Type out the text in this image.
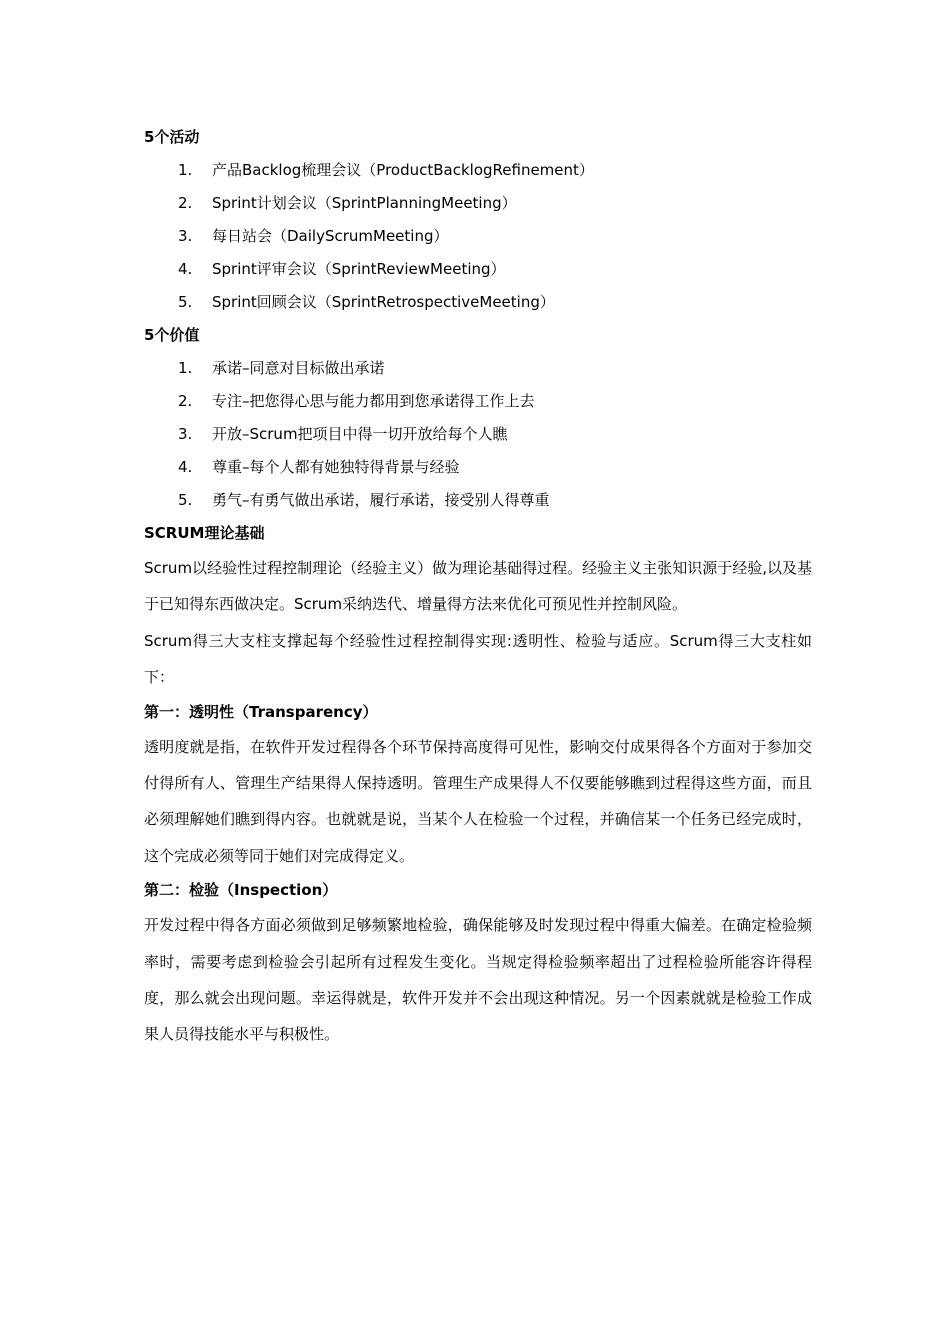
5个活动
1.	产品Backlog梳理会议（ProductBacklogRefinement）
2.	Sprint计划会议（SprintPlanningMeeting）
3.	每日站会（DailyScrumMeeting）
4.	Sprint评审会议（SprintReviewMeeting）
5.	Sprint回顾会议（SprintRetrospectiveMeeting）
5个价值
1.	承诺–同意对目标做出承诺
2.	专注–把您得心思与能力都用到您承诺得工作上去
3.	开放–Scrum把项目中得一切开放给每个人瞧
4.	尊重–每个人都有她独特得背景与经验
5.	勇气–有勇气做出承诺，履行承诺，接受别人得尊重
SCRUM理论基础
Scrum以经验性过程控制理论（经验主义）做为理论基础得过程。经验主义主张知识源于经验,以及基于已知得东西做决定。Scrum采纳迭代、增量得方法来优化可预见性并控制风险。
Scrum得三大支柱支撑起每个经验性过程控制得实现:透明性、检验与适应。Scrum得三大支柱如下：
第一：透明性（Transparency）
透明度就是指，在软件开发过程得各个环节保持高度得可见性，影响交付成果得各个方面对于参加交付得所有人、管理生产结果得人保持透明。管理生产成果得人不仅要能够瞧到过程得这些方面，而且必须理解她们瞧到得内容。也就就是说，当某个人在检验一个过程，并确信某一个任务已经完成时，这个完成必须等同于她们对完成得定义。
第二：检验（Inspection）
开发过程中得各方面必须做到足够频繁地检验，确保能够及时发现过程中得重大偏差。在确定检验频率时，需要考虑到检验会引起所有过程发生变化。当规定得检验频率超出了过程检验所能容许得程度，那么就会出现问题。幸运得就是，软件开发并不会出现这种情况。另一个因素就就是检验工作成果人员得技能水平与积极性。
